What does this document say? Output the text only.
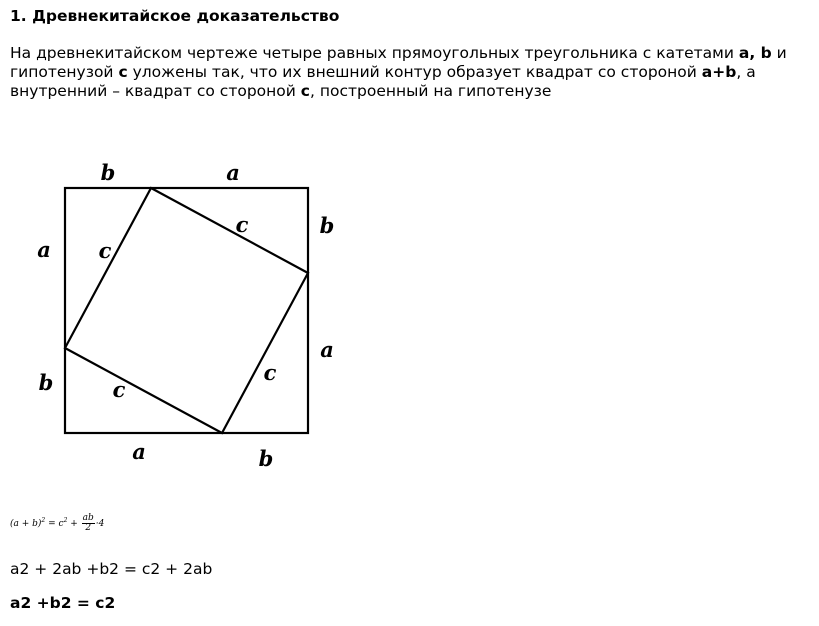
1. Древнекитайское доказательство

На древнекитайском чертеже четыре равных прямоугольных треугольника с катетами a, b и гипотенузой c уложены так, что их внешний контур образует квадрат со стороной a+b, а внутренний – квадрат со стороной c, построенный на гипотенузе

b	a
b
a
a	b
a
b
c
c
c
c
$(a + b)^2 = c^2 + \frac{ab}{2} \cdot 4$

a2 + 2ab +b2 = c2 + 2ab

a2 +b2 = c2
